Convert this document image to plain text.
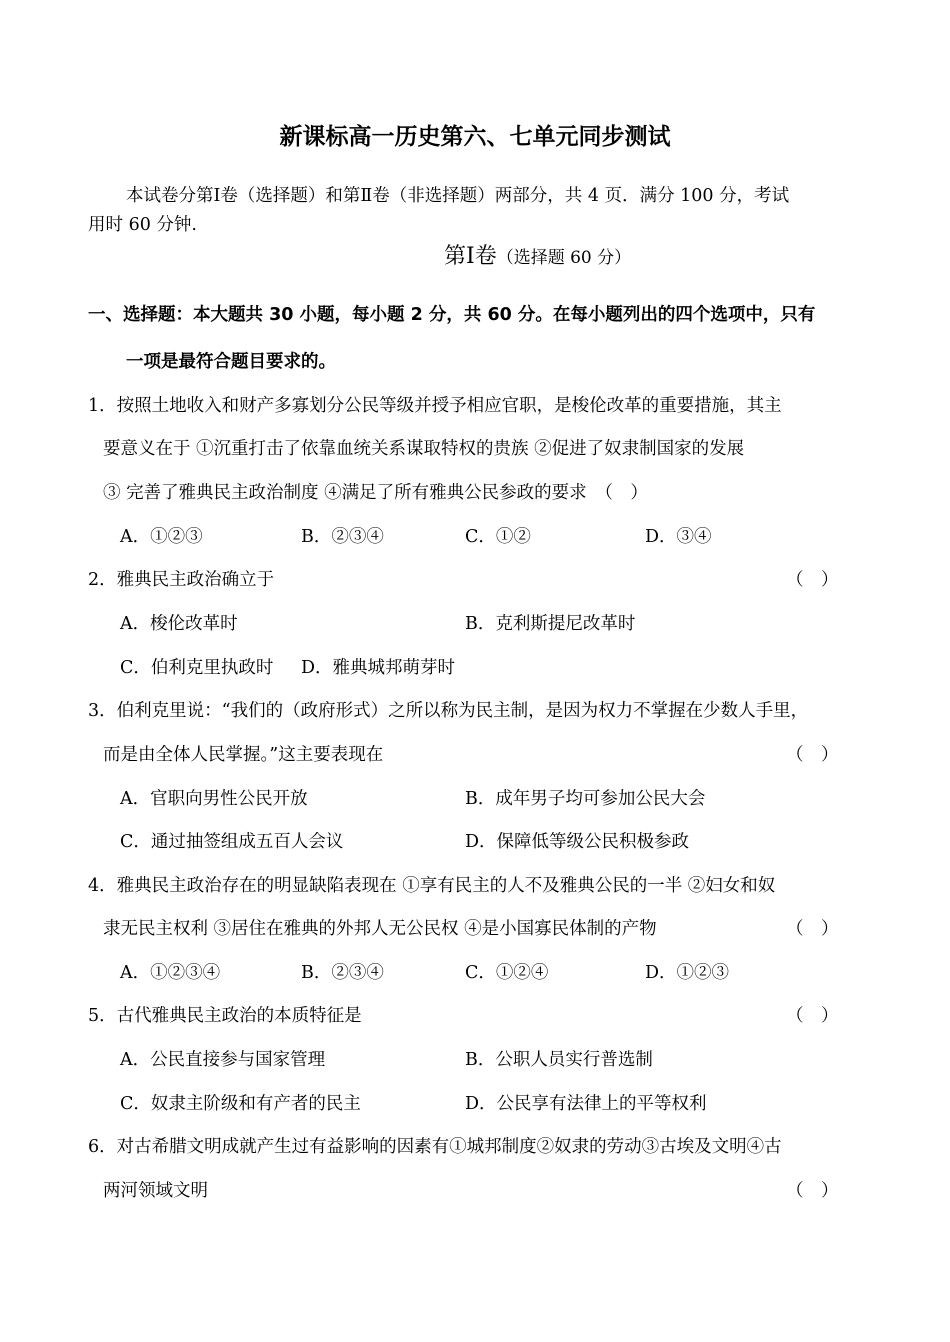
新课标高一历史第六、七单元同步测试
本试卷分第Ⅰ卷（选择题）和第Ⅱ卷（非选择题）两部分，共 4 页．满分 100 分，考试
用时 60 分钟.
第Ⅰ卷（选择题 60 分）
一、选择题：本大题共 30 小题，每小题 2 分，共 60 分。在每小题列出的四个选项中，只有
一项是最符合题目要求的。
1．按照土地收入和财产多寡划分公民等级并授予相应官职，是梭伦改革的重要措施，其主
要意义在于 ①沉重打击了依靠血统关系谋取特权的贵族 ②促进了奴隶制国家的发展
③ 完善了雅典民主政治制度 ④满足了所有雅典公民参政的要求　（　）
A．①②③	B．②③④	C．①②	D．③④
2．雅典民主政治确立于	（　）
A．梭伦改革时	B．克利斯提尼改革时
C．伯利克里执政时 D．雅典城邦萌芽时
3．伯利克里说：“我们的（政府形式）之所以称为民主制，是因为权力不掌握在少数人手里，
而是由全体人民掌握。”这主要表现在	（　）
A．官职向男性公民开放	B．成年男子均可参加公民大会
C．通过抽签组成五百人会议	D．保障低等级公民积极参政
4．雅典民主政治存在的明显缺陷表现在 ①享有民主的人不及雅典公民的一半 ②妇女和奴
隶无民主权利 ③居住在雅典的外邦人无公民权 ④是小国寡民体制的产物	（　）
A．①②③④	B．②③④	C．①②④	D．①②③
5．古代雅典民主政治的本质特征是	（　）
A．公民直接参与国家管理	B．公职人员实行普选制
C．奴隶主阶级和有产者的民主	D．公民享有法律上的平等权利
6．对古希腊文明成就产生过有益影响的因素有①城邦制度②奴隶的劳动③古埃及文明④古
两河领域文明	（　）
